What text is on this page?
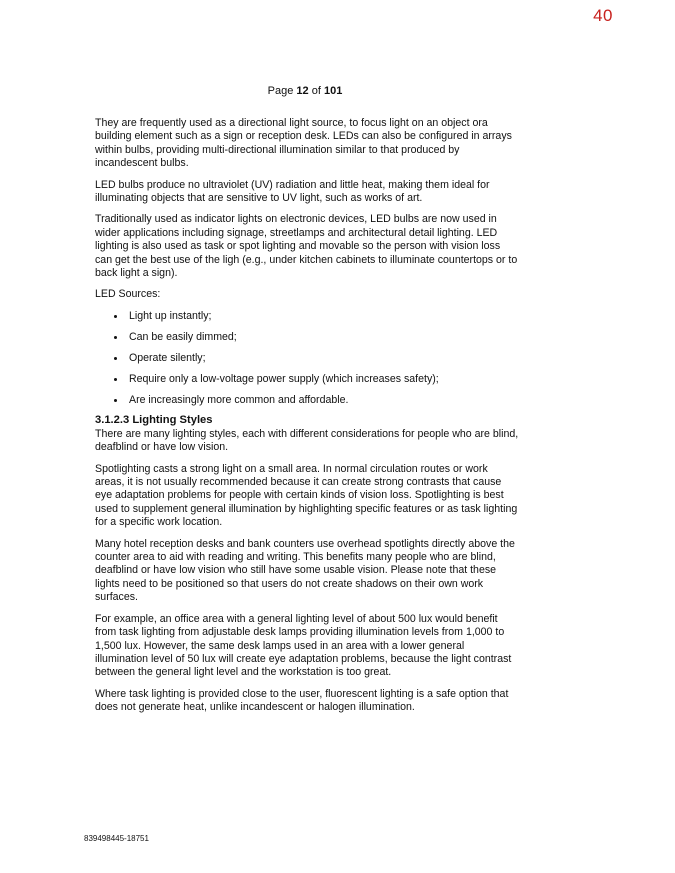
40
Page 12 of 101

They are frequently used as a directional light source, to focus light on an object ora building element such as a sign or reception desk. LEDs can also be configured in arrays within bulbs, providing multi-directional illumination similar to that produced by incandescent bulbs.

LED bulbs produce no ultraviolet (UV) radiation and little heat, making them ideal for illuminating objects that are sensitive to UV light, such as works of art.

Traditionally used as indicator lights on electronic devices, LED bulbs are now used in wider applications including signage, streetlamps and architectural detail lighting. LED lighting is also used as task or spot lighting and movable so the person with vision loss can get the best use of the ligh (e.g., under kitchen cabinets to illuminate countertops or to back light a sign).

LED Sources:

Light up instantly;
Can be easily dimmed;
Operate silently;
Require only a low-voltage power supply (which increases safety);
Are increasingly more common and affordable.
3.1.2.3 Lighting Styles

There are many lighting styles, each with different considerations for people who are blind, deafblind or have low vision.

Spotlighting casts a strong light on a small area. In normal circulation routes or work areas, it is not usually recommended because it can create strong contrasts that cause eye adaptation problems for people with certain kinds of vision loss. Spotlighting is best used to supplement general illumination by highlighting specific features or as task lighting for a specific work location.

Many hotel reception desks and bank counters use overhead spotlights directly above the counter area to aid with reading and writing. This benefits many people who are blind, deafblind or have low vision who still have some usable vision. Please note that these lights need to be positioned so that users do not create shadows on their own work surfaces.

For example, an office area with a general lighting level of about 500 lux would benefit from task lighting from adjustable desk lamps providing illumination levels from 1,000 to 1,500 lux. However, the same desk lamps used in an area with a lower general illumination level of 50 lux will create eye adaptation problems, because the light contrast between the general light level and the workstation is too great.

Where task lighting is provided close to the user, fluorescent lighting is a safe option that does not generate heat, unlike incandescent or halogen illumination.

839498445-18751
